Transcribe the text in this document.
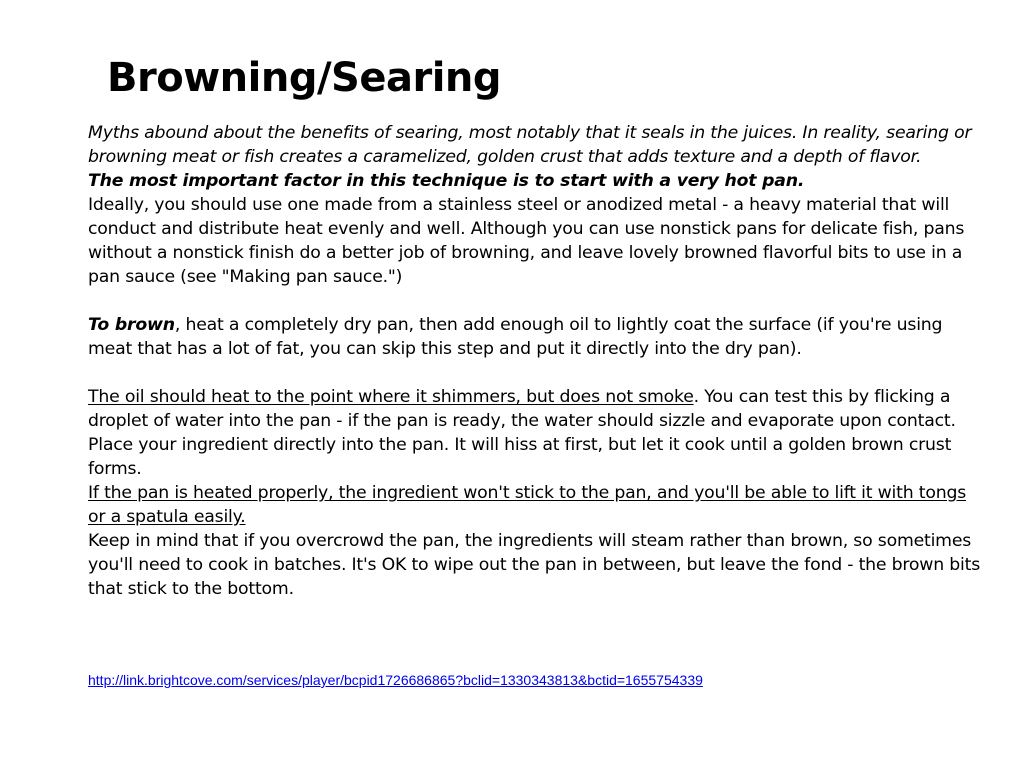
Browning/Searing

Myths abound about the benefits of searing, most notably that it seals in the juices. In reality, searing or browning meat or fish creates a caramelized, golden crust that adds texture and a depth of flavor.

The most important factor in this technique is to start with a very hot pan.

Ideally, you should use one made from a stainless steel or anodized metal - a heavy material that will conduct and distribute heat evenly and well. Although you can use nonstick pans for delicate fish, pans without a nonstick finish do a better job of browning, and leave lovely browned flavorful bits to use in a pan sauce (see "Making pan sauce.")

To brown, heat a completely dry pan, then add enough oil to lightly coat the surface (if you're using meat that has a lot of fat, you can skip this step and put it directly into the dry pan).

The oil should heat to the point where it shimmers, but does not smoke. You can test this by flicking a droplet of water into the pan - if the pan is ready, the water should sizzle and evaporate upon contact.

Place your ingredient directly into the pan. It will hiss at first, but let it cook until a golden brown crust forms.

If the pan is heated properly, the ingredient won't stick to the pan, and you'll be able to lift it with tongs or a spatula easily.

Keep in mind that if you overcrowd the pan, the ingredients will steam rather than brown, so sometimes you'll need to cook in batches. It's OK to wipe out the pan in between, but leave the fond - the brown bits that stick to the bottom.

http://link.brightcove.com/services/player/bcpid1726686865?bclid=1330343813&bctid=1655754339
